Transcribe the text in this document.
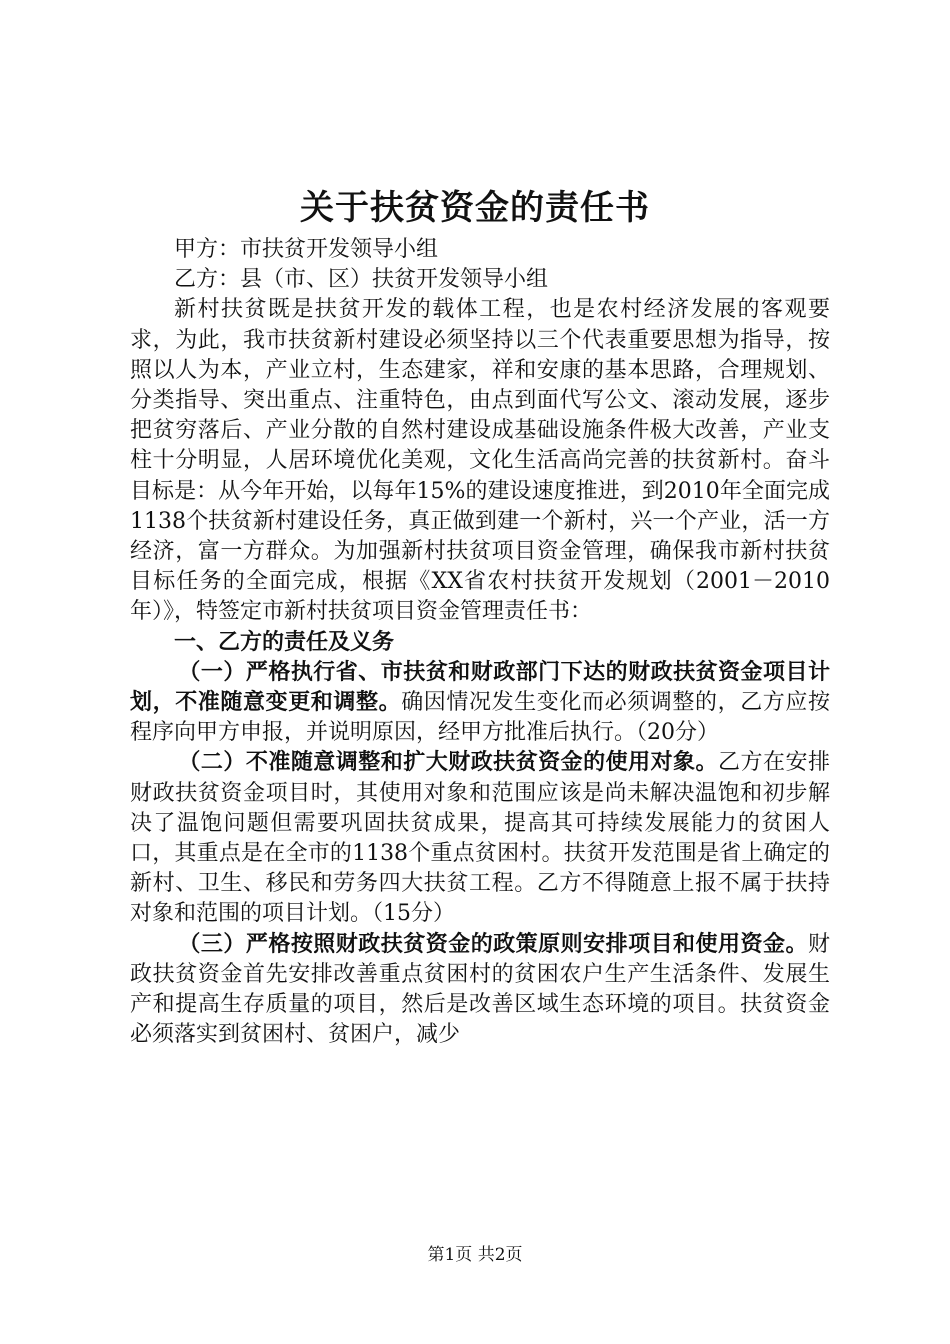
关于扶贫资金的责任书

甲方：市扶贫开发领导小组

乙方：县（市、区）扶贫开发领导小组

新村扶贫既是扶贫开发的载体工程，也是农村经济发展的客观要求，为此，我市扶贫新村建设必须坚持以三个代表重要思想为指导，按照以人为本，产业立村，生态建家，祥和安康的基本思路，合理规划、分类指导、突出重点、注重特色，由点到面代写公文、滚动发展，逐步把贫穷落后、产业分散的自然村建设成基础设施条件极大改善，产业支柱十分明显，人居环境优化美观，文化生活高尚完善的扶贫新村。奋斗目标是：从今年开始，以每年15%的建设速度推进，到2010年全面完成1138个扶贫新村建设任务，真正做到建一个新村，兴一个产业，活一方经济，富一方群众。为加强新村扶贫项目资金管理，确保我市新村扶贫目标任务的全面完成，根据《XX省农村扶贫开发规划（2001－2010年）》，特签定市新村扶贫项目资金管理责任书：

一、乙方的责任及义务

（一）严格执行省、市扶贫和财政部门下达的财政扶贫资金项目计划，不准随意变更和调整。确因情况发生变化而必须调整的，乙方应按程序向甲方申报，并说明原因，经甲方批准后执行。（20分）

（二）不准随意调整和扩大财政扶贫资金的使用对象。乙方在安排财政扶贫资金项目时，其使用对象和范围应该是尚未解决温饱和初步解决了温饱问题但需要巩固扶贫成果，提高其可持续发展能力的贫困人口，其重点是在全市的1138个重点贫困村。扶贫开发范围是省上确定的新村、卫生、移民和劳务四大扶贫工程。乙方不得随意上报不属于扶持对象和范围的项目计划。（15分）

（三）严格按照财政扶贫资金的政策原则安排项目和使用资金。财政扶贫资金首先安排改善重点贫困村的贫困农户生产生活条件、发展生产和提高生存质量的项目，然后是改善区域生态环境的项目。扶贫资金必须落实到贫困村、贫困户，减少

第1页 共2页
